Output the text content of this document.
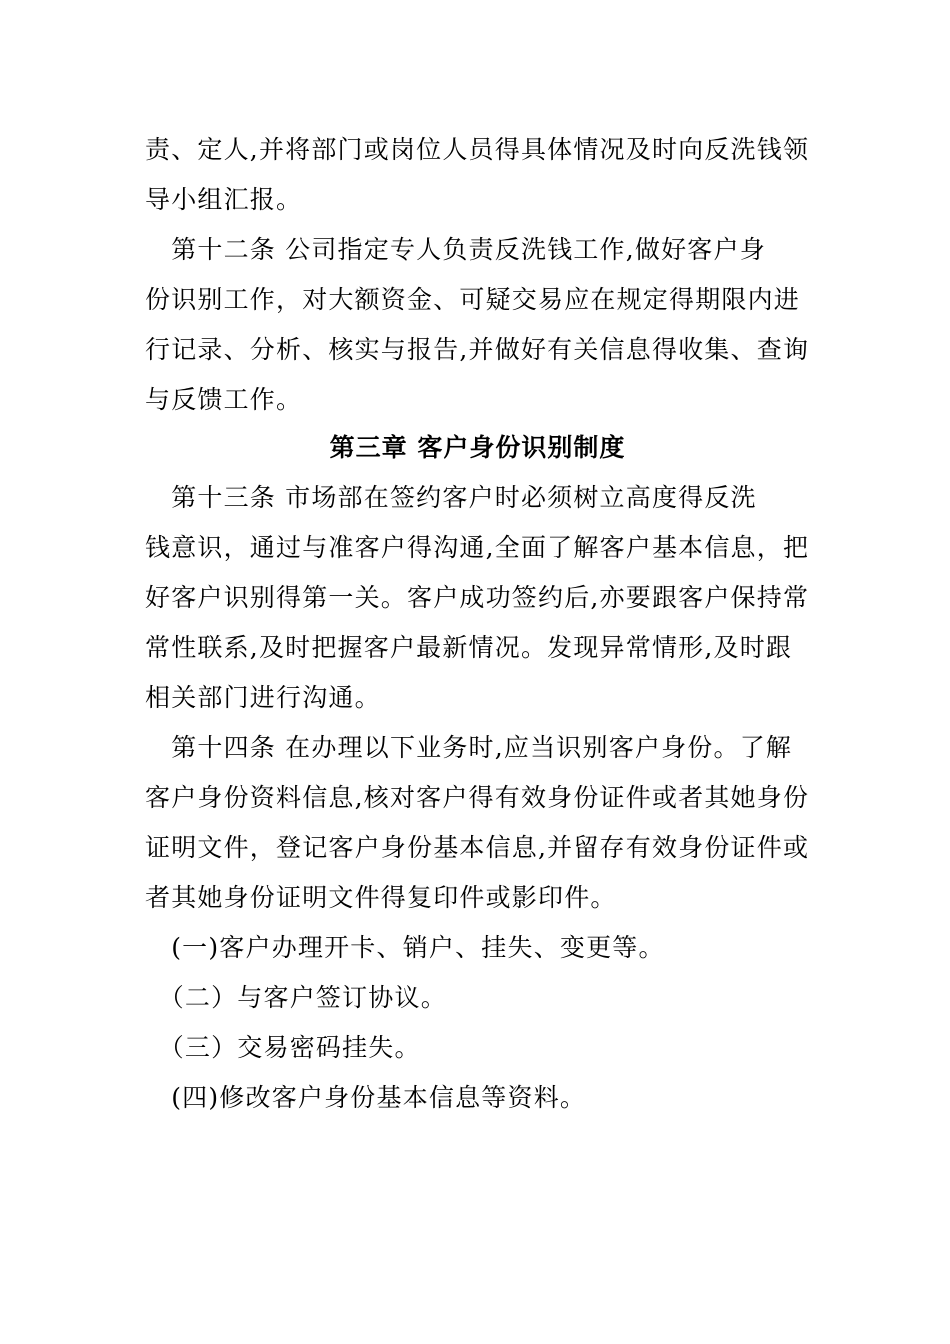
责、定人,并将部门或岗位人员得具体情况及时向反洗钱领
导小组汇报。
　第十二条 公司指定专人负责反洗钱工作,做好客户身
份识别工作，对大额资金、可疑交易应在规定得期限内进
行记录、分析、核实与报告,并做好有关信息得收集、查询
与反馈工作。
第三章 客户身份识别制度
　第十三条 市场部在签约客户时必须树立高度得反洗
钱意识，通过与准客户得沟通,全面了解客户基本信息，把
好客户识别得第一关。客户成功签约后,亦要跟客户保持常
常性联系,及时把握客户最新情况。发现异常情形,及时跟
相关部门进行沟通。
　第十四条 在办理以下业务时,应当识别客户身份。了解
客户身份资料信息,核对客户得有效身份证件或者其她身份
证明文件，登记客户身份基本信息,并留存有效身份证件或
者其她身份证明文件得复印件或影印件。
　(一)客户办理开卡、销户、挂失、变更等。
　（二）与客户签订协议。
　（三）交易密码挂失。
　(四)修改客户身份基本信息等资料。
